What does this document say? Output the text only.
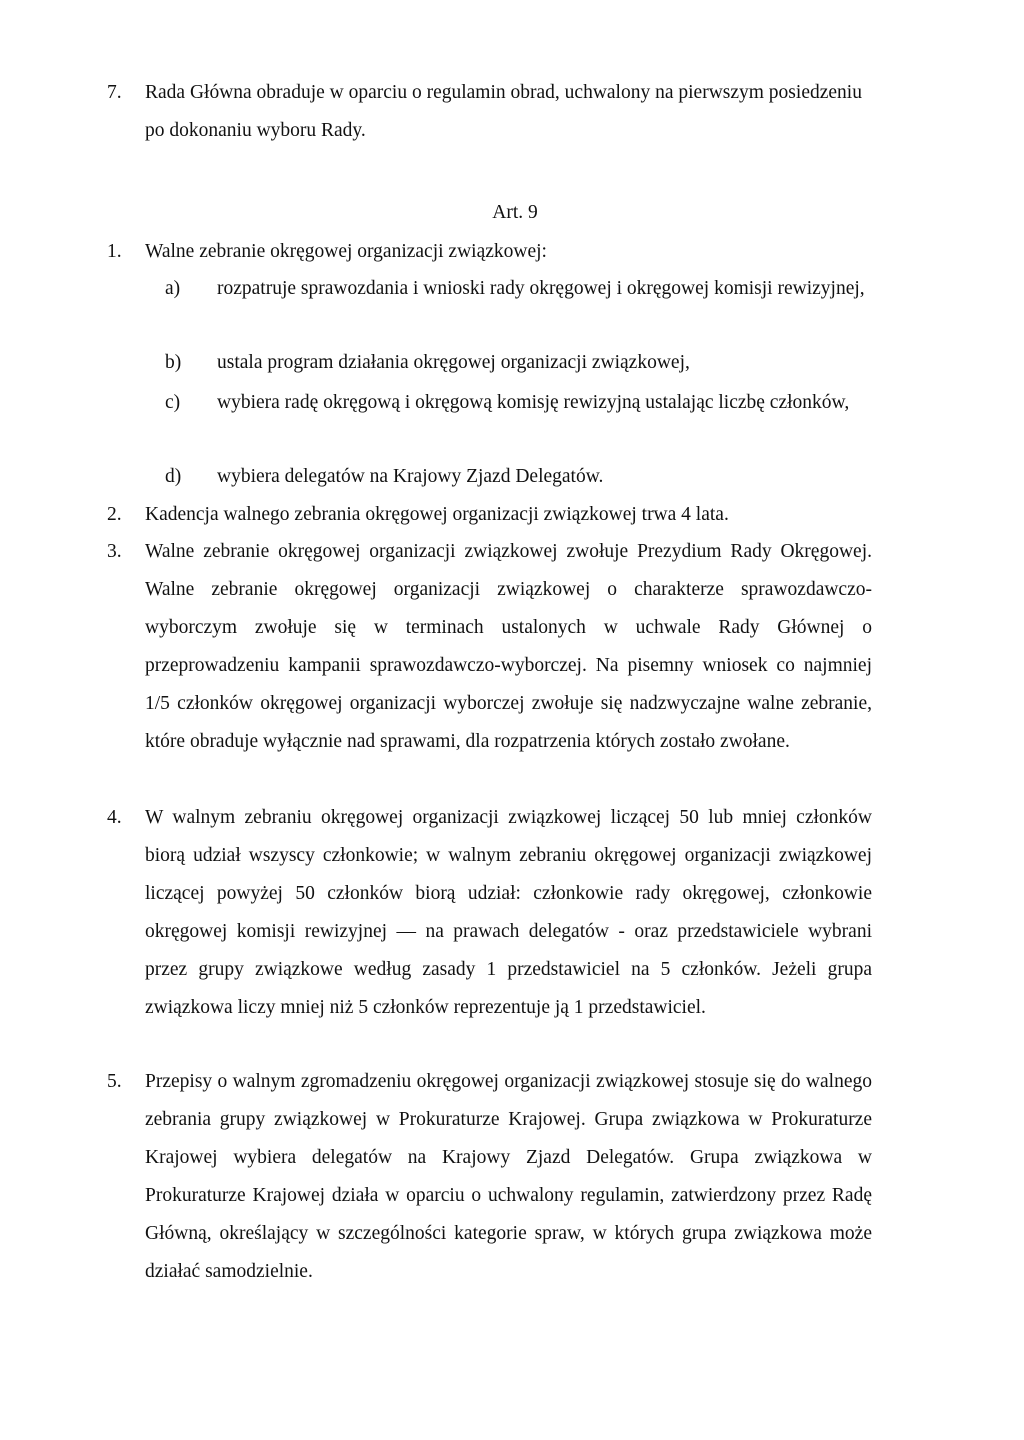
7. Rada Główna obraduje w oparciu o regulamin obrad, uchwalony na pierwszym posiedzeniu po dokonaniu wyboru Rady.
Art. 9
1. Walne zebranie okręgowej organizacji związkowej:
a) rozpatruje sprawozdania i wnioski rady okręgowej i okręgowej komisji rewizyjnej,
b) ustala program działania okręgowej organizacji związkowej,
c) wybiera radę okręgową i okręgową komisję rewizyjną ustalając liczbę członków,
d) wybiera delegatów na Krajowy Zjazd Delegatów.
2. Kadencja walnego zebrania okręgowej organizacji związkowej trwa 4 lata.
3. Walne zebranie okręgowej organizacji związkowej zwołuje Prezydium Rady Okręgowej. Walne zebranie okręgowej organizacji związkowej o charakterze sprawozdawczo-wyborczym zwołuje się w terminach ustalonych w uchwale Rady Głównej o przeprowadzeniu kampanii sprawozdawczo-wyborczej. Na pisemny wniosek co najmniej 1/5 członków okręgowej organizacji wyborczej zwołuje się nadzwyczajne walne zebranie, które obraduje wyłącznie nad sprawami, dla rozpatrzenia których zostało zwołane.
4. W walnym zebraniu okręgowej organizacji związkowej liczącej 50 lub mniej członków biorą udział wszyscy członkowie; w walnym zebraniu okręgowej organizacji związkowej liczącej powyżej 50 członków biorą udział: członkowie rady okręgowej, członkowie okręgowej komisji rewizyjnej — na prawach delegatów - oraz przedstawiciele wybrani przez grupy związkowe według zasady 1 przedstawiciel na 5 członków. Jeżeli grupa związkowa liczy mniej niż 5 członków reprezentuje ją 1 przedstawiciel.
5. Przepisy o walnym zgromadzeniu okręgowej organizacji związkowej stosuje się do walnego zebrania grupy związkowej w Prokuraturze Krajowej. Grupa związkowa w Prokuraturze Krajowej wybiera delegatów na Krajowy Zjazd Delegatów. Grupa związkowa w Prokuraturze Krajowej działa w oparciu o uchwalony regulamin, zatwierdzony przez Radę Główną, określający w szczególności kategorie spraw, w których grupa związkowa może działać samodzielnie.
